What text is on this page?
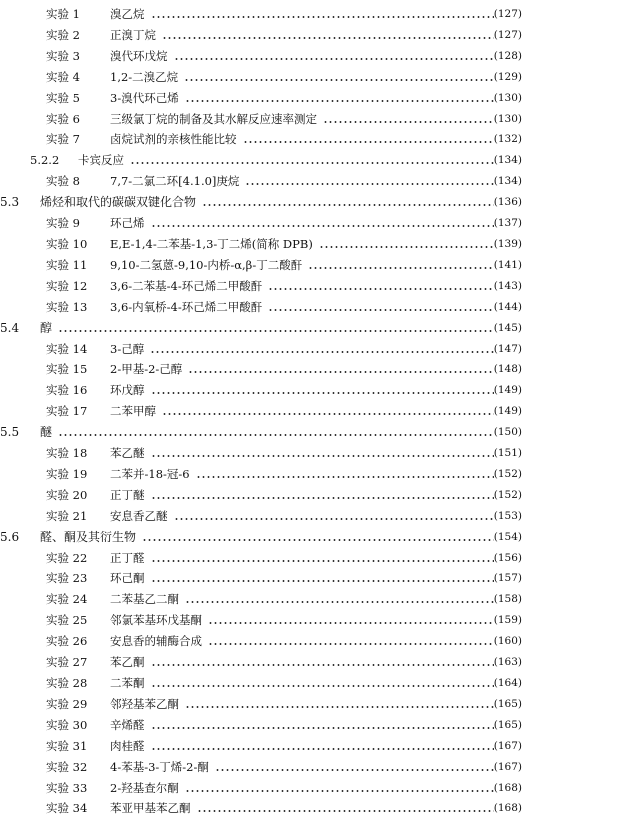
实验 1	溴乙烷	(127)
实验 2	正溴丁烷	(127)
实验 3	溴代环戊烷	(128)
实验 4	1,2-二溴乙烷	(129)
实验 5	3-溴代环己烯	(130)
实验 6	三级氯丁烷的制备及其水解反应速率测定	(130)
实验 7	卤烷试剂的亲核性能比较	(132)
5.2.2 卡宾反应	(134)
实验 8	7,7-二氯二环[4.1.0]庚烷	(134)
5.3 烯烃和取代的碳碳双键化合物	(136)
实验 9	环己烯	(137)
实验 10 E,E-1,4-二苯基-1,3-丁二烯(简称 DPB)	(139)
实验 11 9,10-二氢蒽-9,10-内桥-α,β-丁二酸酐	(141)
实验 12 3,6-二苯基-4-环己烯二甲酸酐	(143)
实验 13 3,6-内氧桥-4-环己烯二甲酸酐	(144)
5.4 醇	(145)
实验 14 3-己醇	(147)
实验 15 2-甲基-2-己醇	(148)
实验 16 环戊醇	(149)
实验 17 二苯甲醇	(149)
5.5 醚	(150)
实验 18 苯乙醚	(151)
实验 19 二苯并-18-冠-6	(152)
实验 20 正丁醚	(152)
实验 21 安息香乙醚	(153)
5.6 醛、酮及其衍生物	(154)
实验 22 正丁醛	(156)
实验 23 环己酮	(157)
实验 24 二苯基乙二酮	(158)
实验 25 邻氯苯基环戊基酮	(159)
实验 26 安息香的辅酶合成	(160)
实验 27 苯乙酮	(163)
实验 28 二苯酮	(164)
实验 29 邻羟基苯乙酮	(165)
实验 30 辛烯醛	(165)
实验 31 肉桂醛	(167)
实验 32 4-苯基-3-丁烯-2-酮	(167)
实验 33 2-羟基查尔酮	(168)
实验 34 苯亚甲基苯乙酮	(168)
